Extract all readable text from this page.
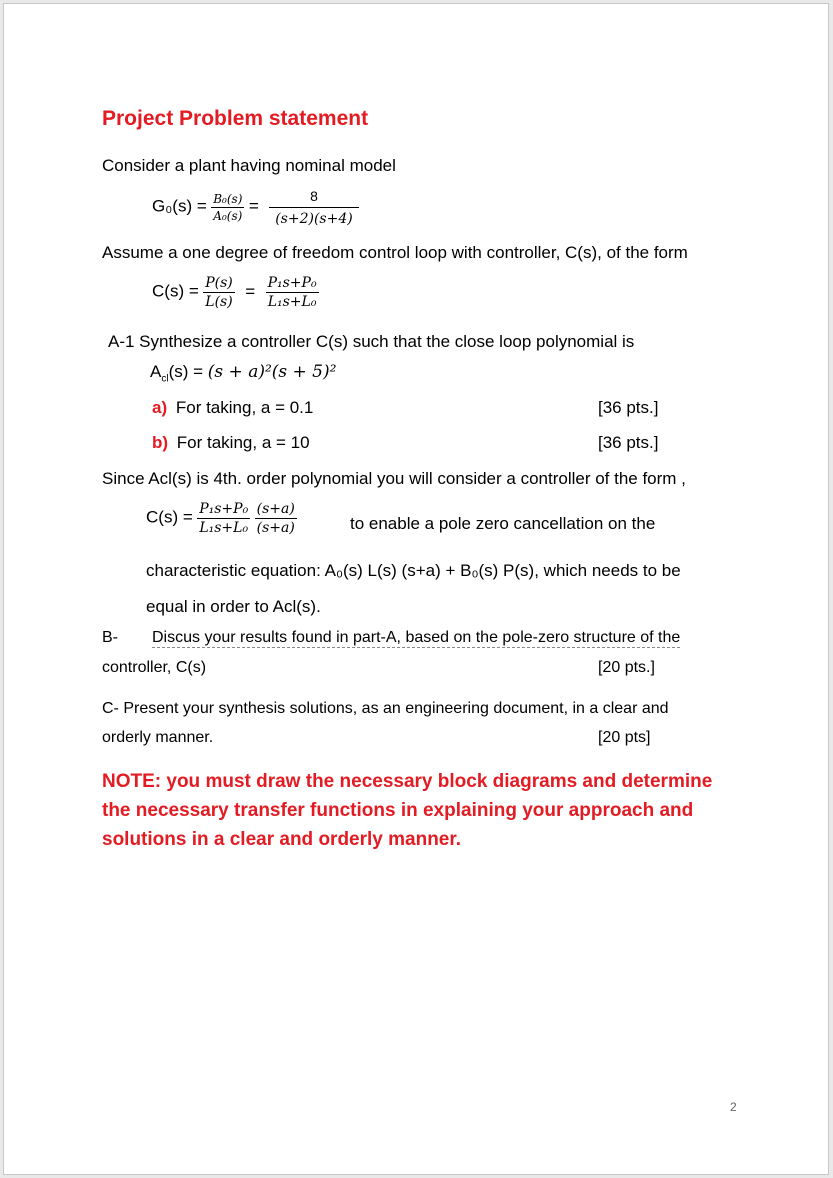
Project Problem statement
Consider a plant having nominal model
$G_0(s) = \frac{\text{B₀(s)}}{\text{A₀(s)}} = \frac{8}{(s+2)(s+4)}$
Assume a one degree of freedom control loop with controller, C(s), of the form
$C(s) = \frac{P(s)}{L(s)} = \frac{\text{P₁s+P₀}}{\text{L₁s+L₀}}$
A-1 Synthesize a controller C(s) such that the close loop polynomial is
$A_{cl}(s) = (s + a)^2(s + 5)^2$
a) For taking, a = 0.1	[36 pts.]
b) For taking, a = 10	[36 pts.]
Since Acl(s) is 4th. order polynomial you will consider a controller of the form ,
$C(s) = \frac{\text{P₁s+P₀}}{\text{L₁s+L₀}}$
$\frac{(s+a)}{(s+a)}$	to enable a pole zero cancellation on the
characteristic equation: A₀(s) L(s) (s+a) + B₀(s) P(s), which needs to be
equal in order to Acl(s).
B- Discus your results found in part-A, based on the pole-zero structure of the
controller, C(s)	[20 pts.]
C- Present your synthesis solutions, as an engineering document, in a clear and
orderly manner.	[20 pts]
NOTE: you must draw the necessary block diagrams and determine
the necessary transfer functions in explaining your approach and
solutions in a clear and orderly manner.
2
